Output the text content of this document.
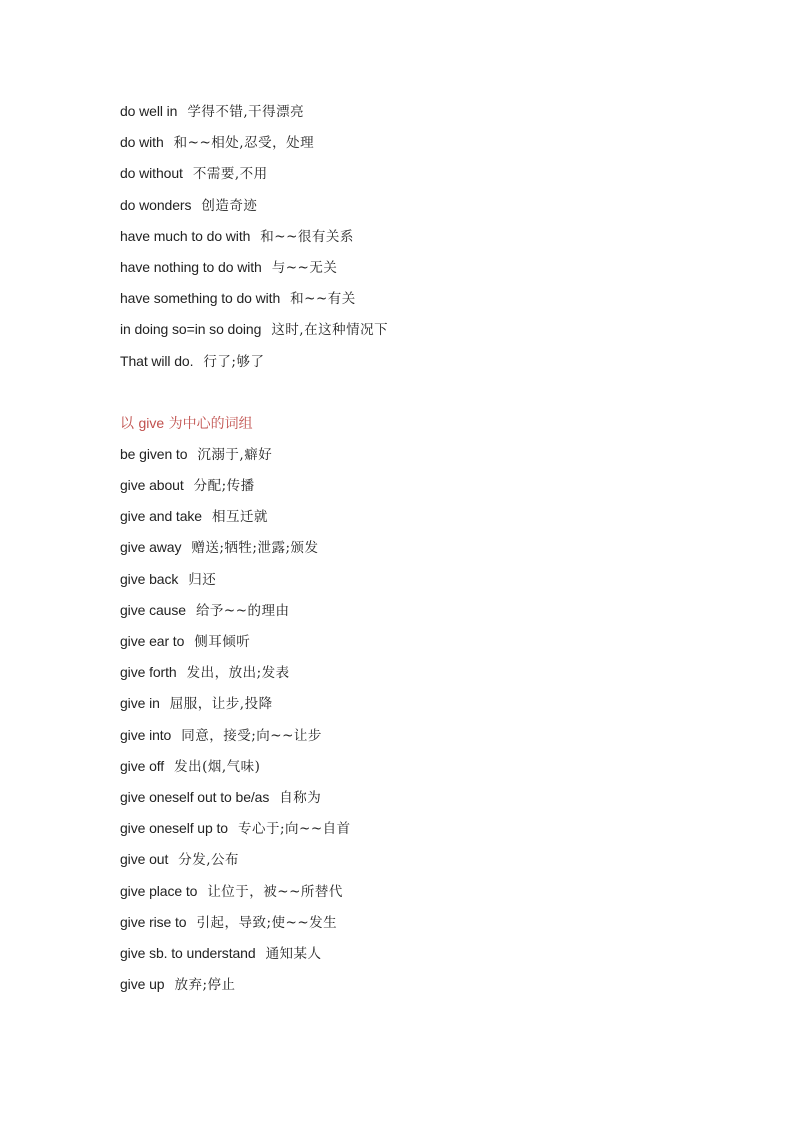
do well in 学得不错,干得漂亮
do with 和~~相处,忍受，处理
do without 不需要,不用
do wonders 创造奇迹
have much to do with 和~~很有关系
have nothing to do with 与~~无关
have something to do with 和~~有关
in doing so=in so doing 这时,在这种情况下
That will do. 行了;够了
以 give 为中心的词组
be given to 沉溺于,癖好
give about 分配;传播
give and take 相互迁就
give away 赠送;牺牲;泄露;颁发
give back 归还
give cause 给予~~的理由
give ear to 侧耳倾听
give forth 发出，放出;发表
give in 屈服，让步,投降
give into 同意，接受;向~~让步
give off 发出(烟,气味)
give oneself out to be/as 自称为
give oneself up to 专心于;向~~自首
give out 分发,公布
give place to 让位于，被~~所替代
give rise to 引起，导致;使~~发生
give sb. to understand 通知某人
give up 放弃;停止
